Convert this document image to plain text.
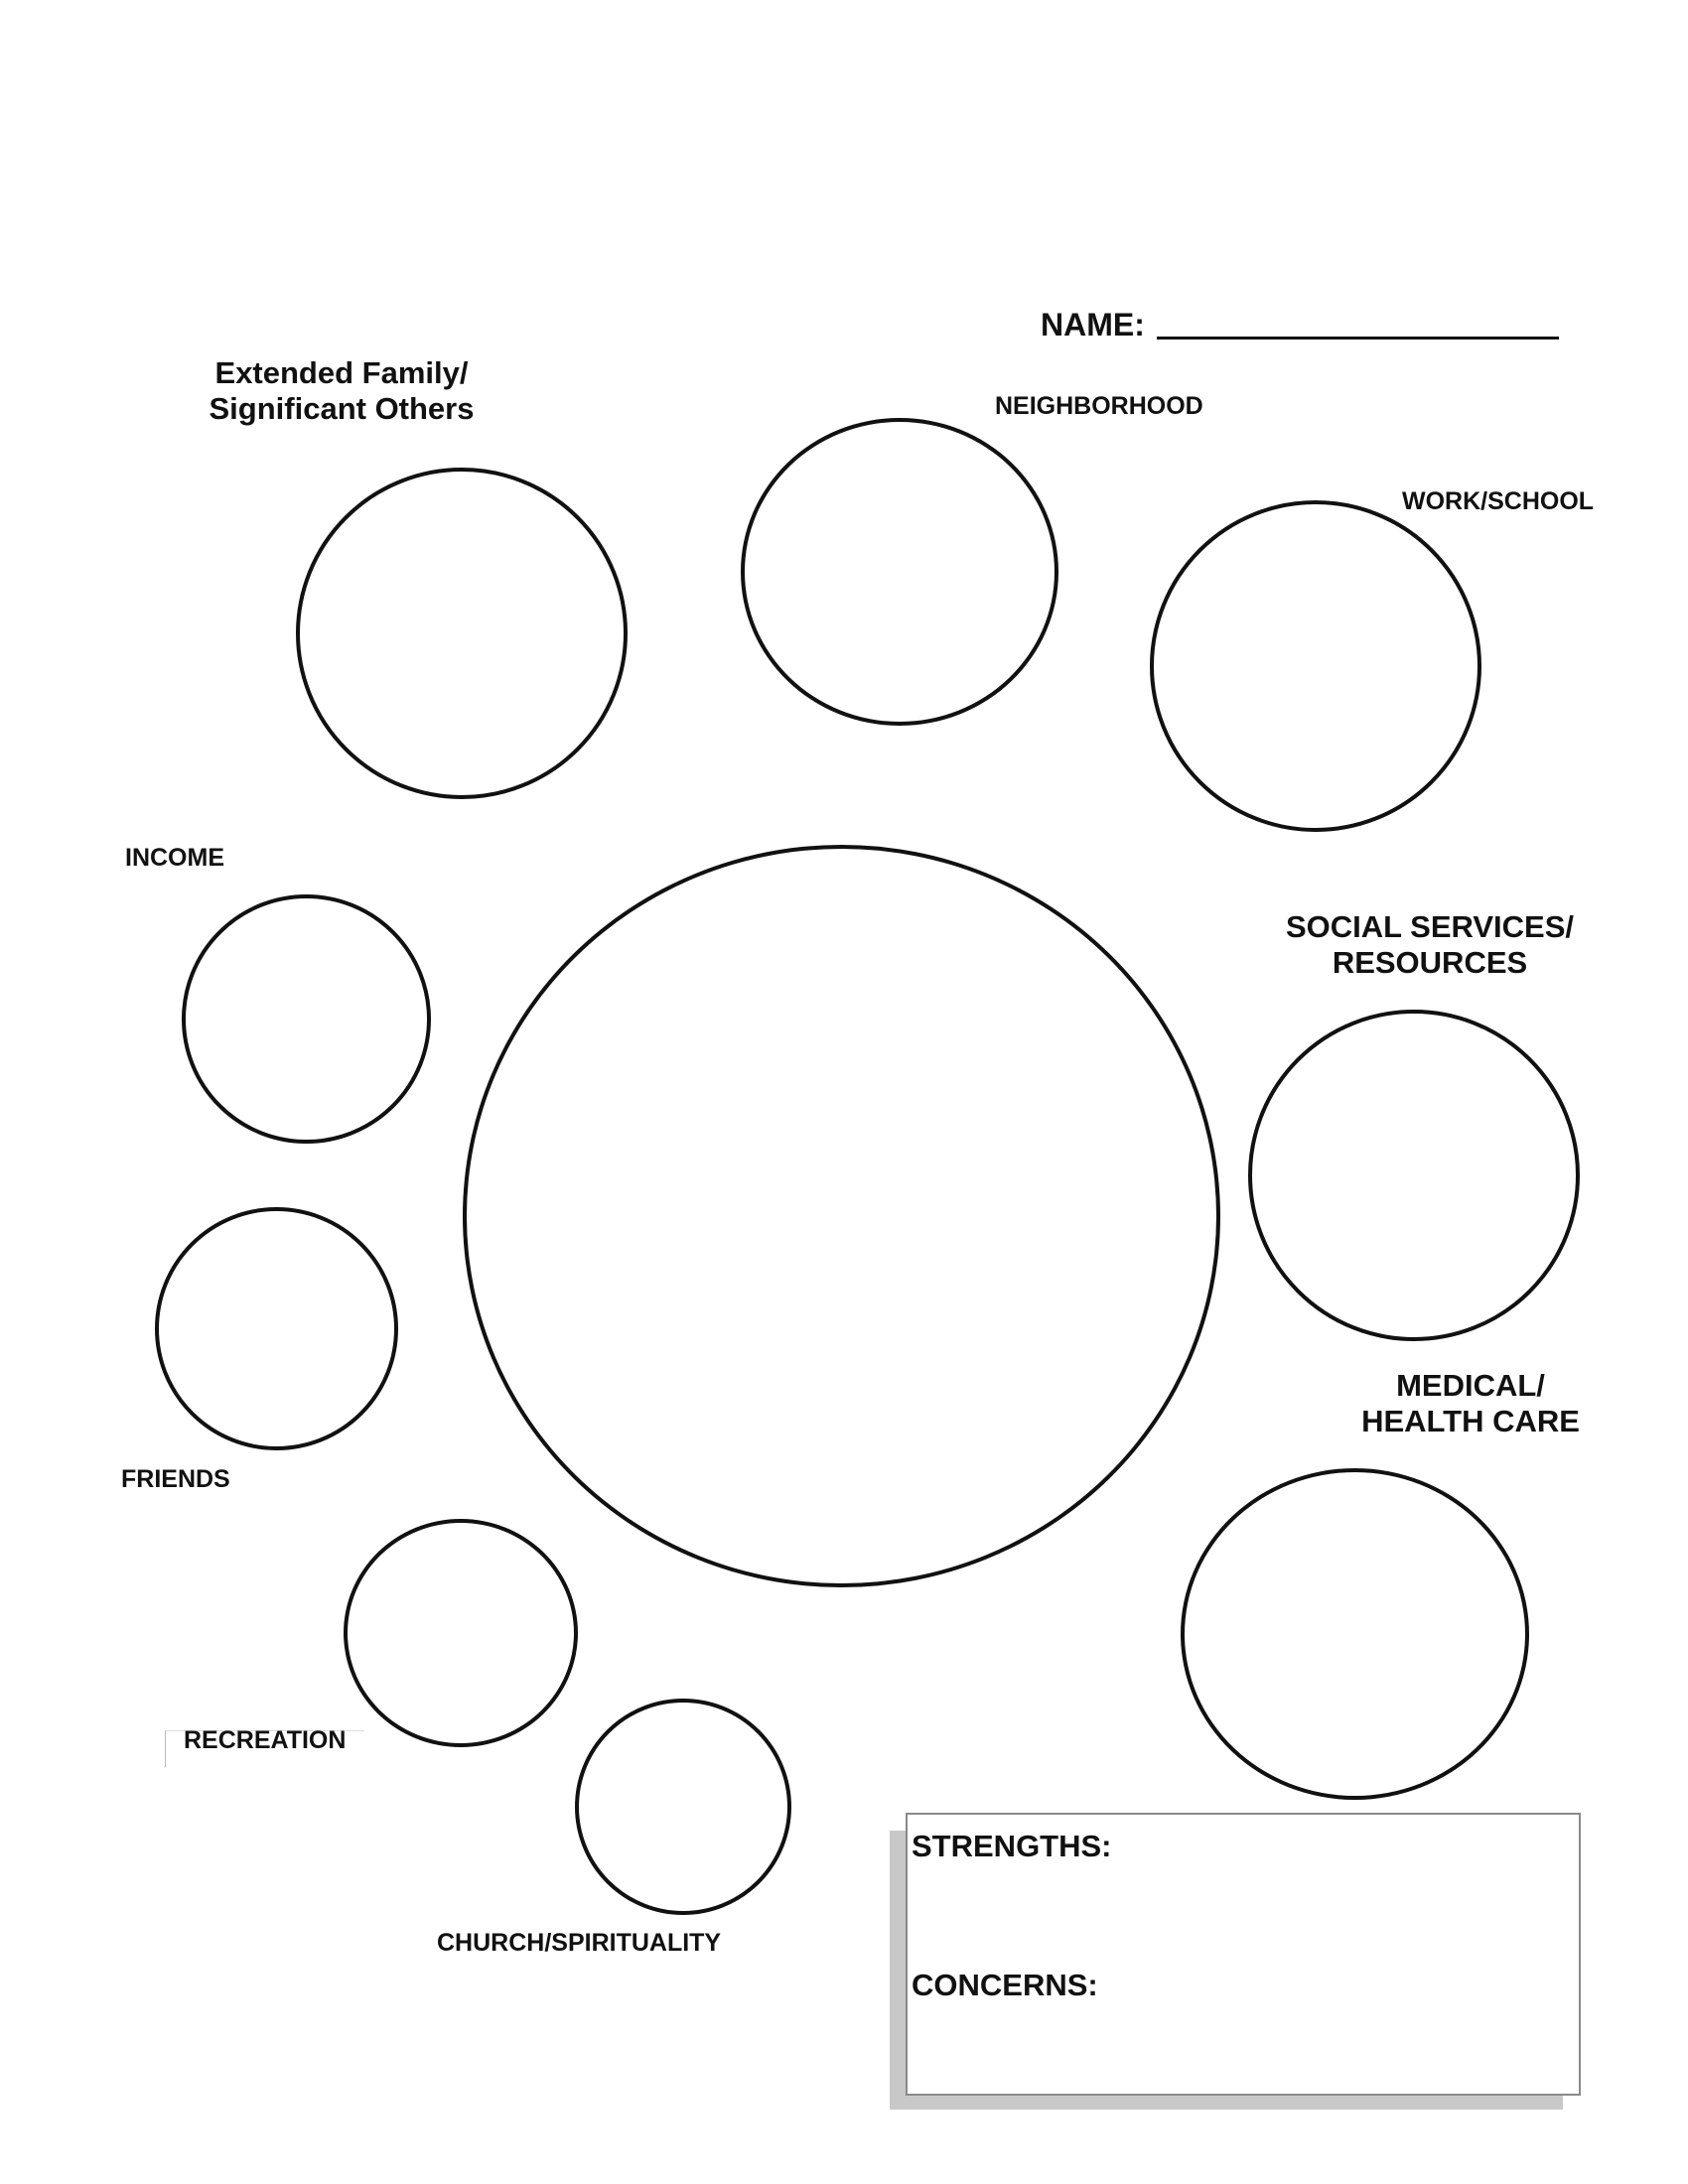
NAME:
Extended Family/
Significant Others	NEIGHBORHOOD
WORK/SCHOOL
INCOME
SOCIAL SERVICES/
RESOURCES
FRIENDS
MEDICAL/
HEALTH CARE
RECREATION
CHURCH/SPIRITUALITY
STRENGTHS:
CONCERNS:
